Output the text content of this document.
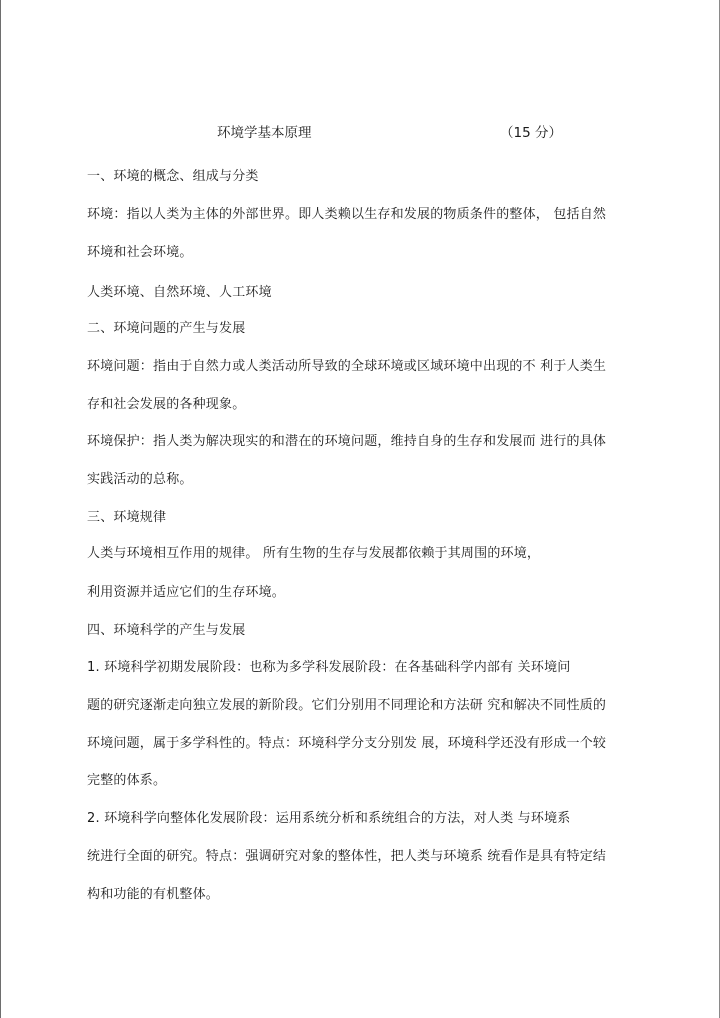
环境学基本原理	（15 分）
一、环境的概念、组成与分类
环境：指以人类为主体的外部世界。即人类赖以生存和发展的物质条件的整体， 包括自然
环境和社会环境。
人类环境、自然环境、人工环境
二、环境问题的产生与发展
环境问题：指由于自然力或人类活动所导致的全球环境或区域环境中出现的不 利于人类生
存和社会发展的各种现象。
环境保护：指人类为解决现实的和潜在的环境问题，维持自身的生存和发展而 进行的具体
实践活动的总称。
三、环境规律
人类与环境相互作用的规律。 所有生物的生存与发展都依赖于其周围的环境，
利用资源并适应它们的生存环境。
四、环境科学的产生与发展
1. 环境科学初期发展阶段：也称为多学科发展阶段：在各基础科学内部有 关环境问
题的研究逐渐走向独立发展的新阶段。它们分别用不同理论和方法研 究和解决不同性质的
环境问题，属于多学科性的。特点：环境科学分支分别发 展，环境科学还没有形成一个较
完整的体系。
2. 环境科学向整体化发展阶段：运用系统分析和系统组合的方法，对人类 与环境系
统进行全面的研究。特点：强调研究对象的整体性，把人类与环境系 统看作是具有特定结
构和功能的有机整体。
